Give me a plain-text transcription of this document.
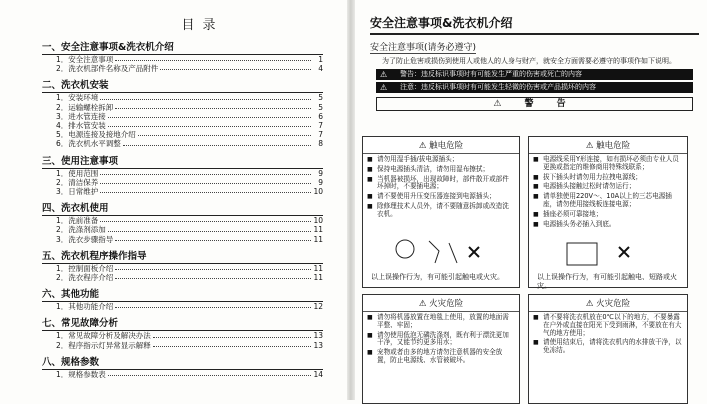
目录
一、安全注意事项&洗衣机介绍
1． 安全注意事项	1
2． 洗衣机部件名称及产品附件	4
二、洗衣机安装
1． 安装环境	5
2． 运输螺栓拆卸	5
3． 进水管连接	6
4． 排水管安装	7
5． 电源连接及接地介绍	7
6． 洗衣机水平调整	8
三、使用注意事项
1． 使用范围	9
2． 清洁保养	9
3． 日常维护	10
四、洗衣机使用
1． 洗前准备	10
2． 洗涤剂添加	11
3． 洗衣步骤指导	11
五、洗衣机程序操作指导
1． 控制面板介绍	11
2． 洗衣程序介绍	11
六、其他功能
1． 其他功能介绍	12
七、常见故障分析
1． 常见故障分析及解决办法	13
2． 程序指示灯异常显示解释	13
八、规格参数
1． 规格参数表	14
安全注意事项&洗衣机介绍
安全注意事项(请务必遵守)
为了防止危害或损伤到使用人或他人的人身与财产，就安全方面需要必遵守的事项作如下说明。
⚠ 警告：违反标识事项时有可能发生严重的伤害或死亡的内容
⚠ 注意：违反标识事项时有可能发生轻微的伤害或产品损坏的内容
⚠ 警 告
⚠ 触电危险
■ 请勿用湿手插/拔电源插头；
■ 保持电源插头清洁，请勿用湿布擦拭；
■ 当机器被损坏，出现故障时，部件散开或部件坏掉时，不要插电源；
■ 请不要使用升压变压器连接到电源插头；
■ 除修理技术人员外，请不要随意拆卸或改造洗衣机。
以上误操作行为，有可能引起触电或火灾。
⚠ 触电危险
■ 电源线采用Y形连接，如有损坏必须由专业人员更换或指定的维修商用特殊线联系；
■ 拔下插头时请勿用力拉拽电源线；
■ 电源插头接触过松时请勿运行；
■ 请单独使用220V～、10A以上的三芯电源插座，请勿使用接线板连接电源；
■ 插座必须可靠接地；
■ 电源插头务必插入到底。
以上误操作行为，有可能引起触电、短路或火灾。
⚠ 火灾危险
■ 请勿将机器放置在地毯上使用，放置的地面需平整、牢固；
■ 请勿使用低泡无磷洗涤剂，既有利于漂洗更加干净，又能节约更多用水；
■ 宠物或者由多的地方请勿注意机器的安全放置，防止电源线、水管被破坏。
⚠ 火灾危险
■ 请不要将洗衣机放在0℃以下的地方，不要暴露在户外或直接在阳光下受到雨淋，不要放在有大气的地方使用；
■ 请使用结束后，请将洗衣机内的水排放干净，以免冻结。
